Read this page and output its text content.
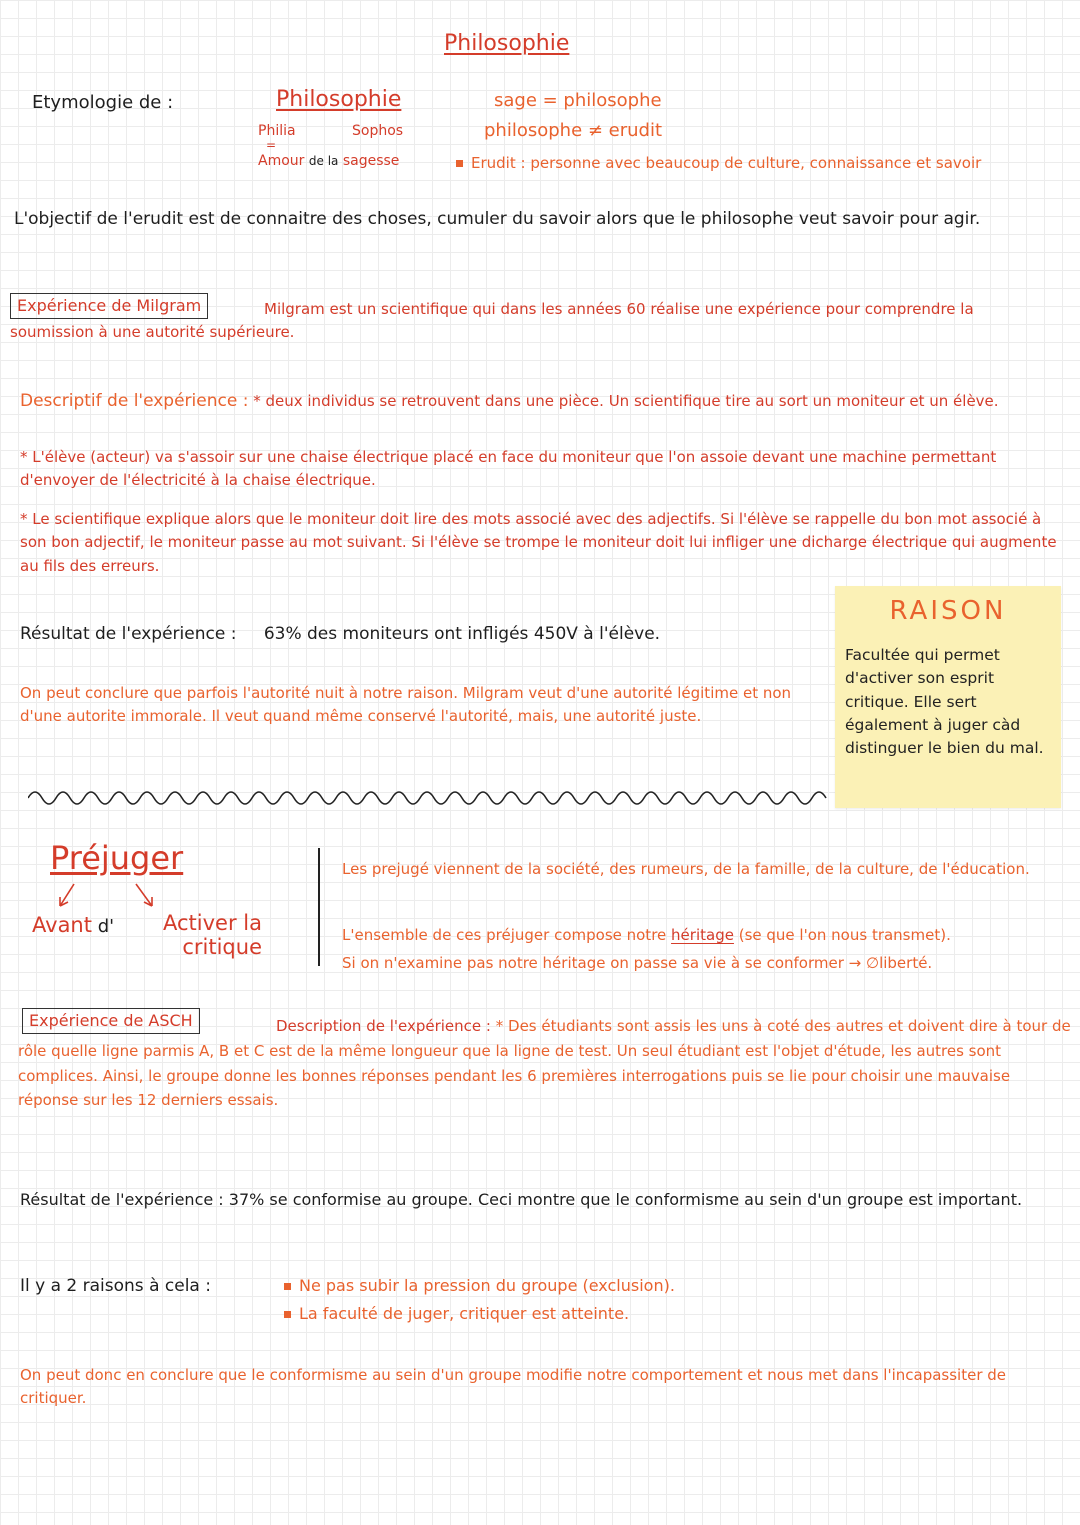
Philosophie
Etymologie de :	Philosophie
Philia	Sophos
=
Amour de la sagesse
sage = philosophe
philosophe ≠ erudit
Erudit : personne avec beaucoup de culture, connaissance et savoir
L'objectif de l'erudit est de connaitre des choses, cumuler du savoir alors que le philosophe veut savoir pour agir.
Expérience de Milgram	Milgram est un scientifique qui dans les années 60 réalise une expérience pour comprendre la soumission à une autorité supérieure.
Descriptif de l'expérience : * deux individus se retrouvent dans une pièce. Un scientifique tire au sort un moniteur et un élève.
* L'élève (acteur) va s'assoir sur une chaise électrique placé en face du moniteur que l'on assoie devant une machine permettant d'envoyer de l'électricité à la chaise électrique.
* Le scientifique explique alors que le moniteur doit lire des mots associé avec des adjectifs. Si l'élève se rappelle du bon mot associé à son bon adjectif, le moniteur passe au mot suivant. Si l'élève se trompe le moniteur doit lui infliger une dicharge électrique qui augmente au fils des erreurs.
Résultat de l'expérience : 63% des moniteurs ont infligés 450V à l'élève.
On peut conclure que parfois l'autorité nuit à notre raison. Milgram veut d'une autorité légitime et non d'une autorite immorale. Il veut quand même conservé l'autorité, mais, une autorité juste.
RAISON
Facultée qui permet d'activer son esprit critique. Elle sert également à juger càd distinguer le bien du mal.
Préjuger
Avant d'	Activer la critique
Les prejugé viennent de la société, des rumeurs, de la famille, de la culture, de l'éducation.
L'ensemble de ces préjuger compose notre héritage (se que l'on nous transmet).
Si on n'examine pas notre héritage on passe sa vie à se conformer → ∅liberté.
Expérience de ASCH	Description de l'expérience : * Des étudiants sont assis les uns à coté des autres et doivent dire à tour de rôle quelle ligne parmis A, B et C est de la même longueur que la ligne de test. Un seul étudiant est l'objet d'étude, les autres sont complices. Ainsi, le groupe donne les bonnes réponses pendant les 6 premières interrogations puis se lie pour choisir une mauvaise réponse sur les 12 derniers essais.
Résultat de l'expérience : 37% se conformise au groupe. Ceci montre que le conformisme au sein d'un groupe est important.
Il y a 2 raisons à cela :	Ne pas subir la pression du groupe (exclusion).
La faculté de juger, critiquer est atteinte.
On peut donc en conclure que le conformisme au sein d'un groupe modifie notre comportement et nous met dans l'incapassiter de critiquer.
